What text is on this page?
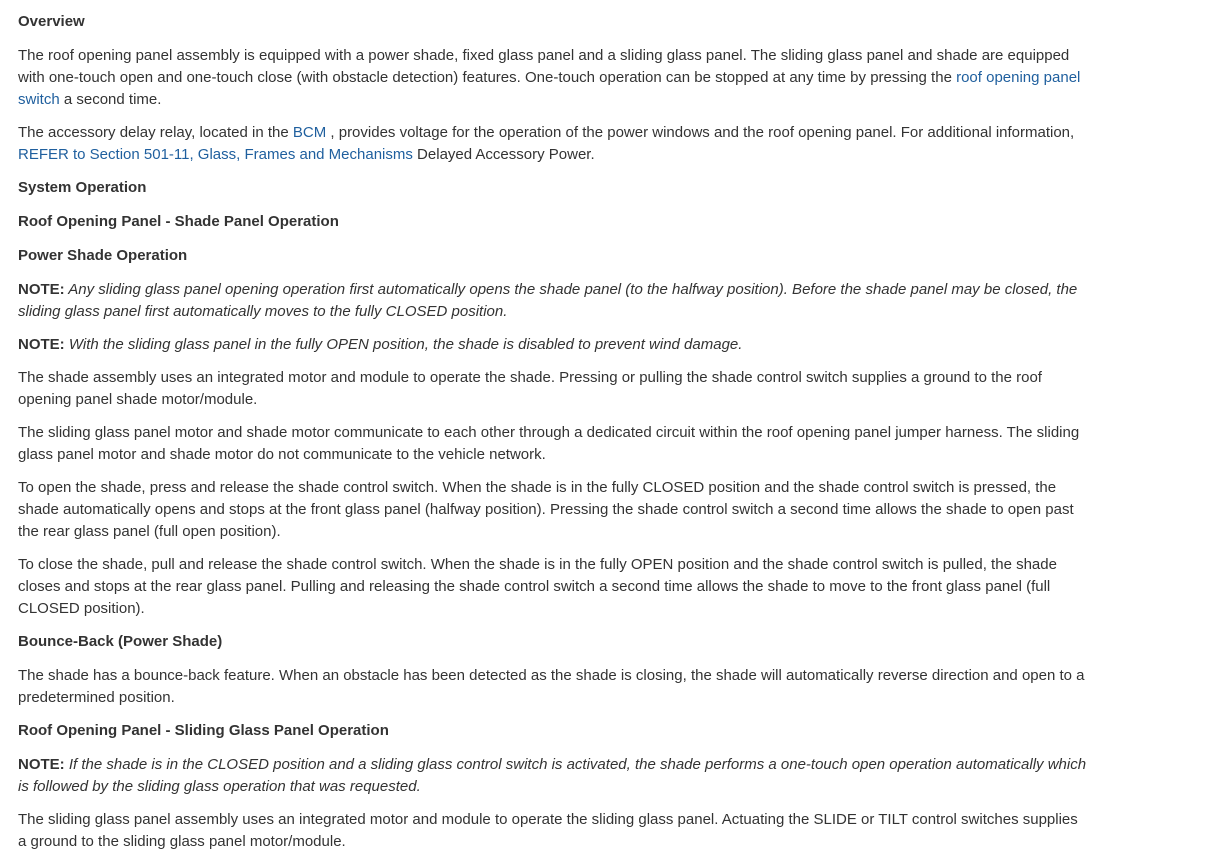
Overview

The roof opening panel assembly is equipped with a power shade, fixed glass panel and a sliding glass panel. The sliding glass panel and shade are equipped with one-touch open and one-touch close (with obstacle detection) features. One-touch operation can be stopped at any time by pressing the roof opening panel switch a second time.

The accessory delay relay, located in the BCM , provides voltage for the operation of the power windows and the roof opening panel. For additional information, REFER to Section 501-11, Glass, Frames and Mechanisms Delayed Accessory Power.

System Operation
Roof Opening Panel - Shade Panel Operation
Power Shade Operation

NOTE: Any sliding glass panel opening operation first automatically opens the shade panel (to the halfway position). Before the shade panel may be closed, the sliding glass panel first automatically moves to the fully CLOSED position.

NOTE: With the sliding glass panel in the fully OPEN position, the shade is disabled to prevent wind damage.

The shade assembly uses an integrated motor and module to operate the shade. Pressing or pulling the shade control switch supplies a ground to the roof opening panel shade motor/module.

The sliding glass panel motor and shade motor communicate to each other through a dedicated circuit within the roof opening panel jumper harness. The sliding glass panel motor and shade motor do not communicate to the vehicle network.

To open the shade, press and release the shade control switch. When the shade is in the fully CLOSED position and the shade control switch is pressed, the shade automatically opens and stops at the front glass panel (halfway position). Pressing the shade control switch a second time allows the shade to open past the rear glass panel (full open position).

To close the shade, pull and release the shade control switch. When the shade is in the fully OPEN position and the shade control switch is pulled, the shade closes and stops at the rear glass panel. Pulling and releasing the shade control switch a second time allows the shade to move to the front glass panel (full CLOSED position).

Bounce-Back (Power Shade)

The shade has a bounce-back feature. When an obstacle has been detected as the shade is closing, the shade will automatically reverse direction and open to a predetermined position.

Roof Opening Panel - Sliding Glass Panel Operation

NOTE: If the shade is in the CLOSED position and a sliding glass control switch is activated, the shade performs a one-touch open operation automatically which is followed by the sliding glass operation that was requested.

The sliding glass panel assembly uses an integrated motor and module to operate the sliding glass panel. Actuating the SLIDE or TILT control switches supplies a ground to the sliding glass panel motor/module.
